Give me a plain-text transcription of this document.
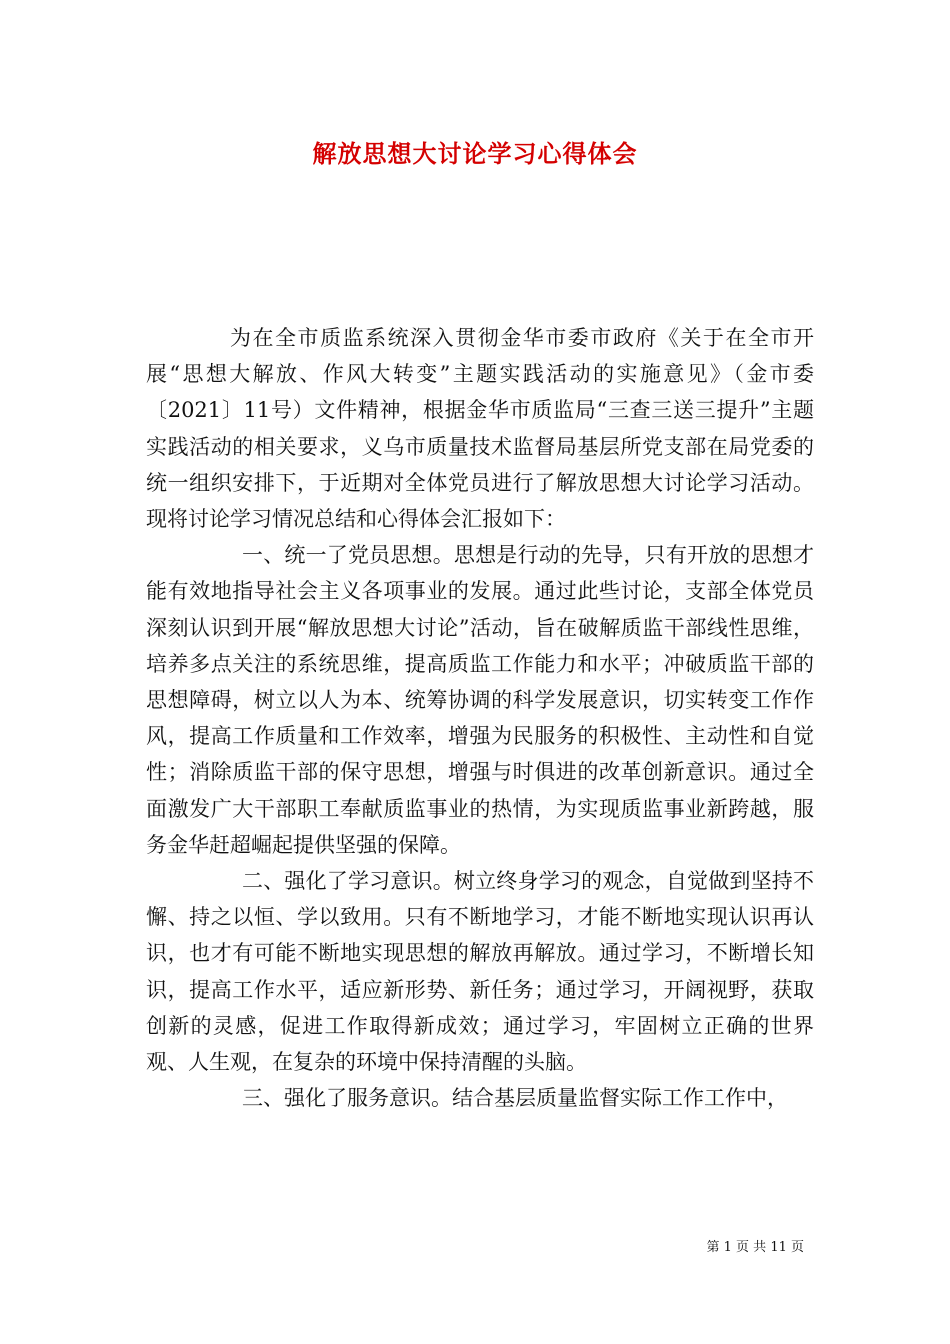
解放思想大讨论学习心得体会

为在全市质监系统深入贯彻金华市委市政府《关于在全市开展“思想大解放、作风大转变”主题实践活动的实施意见》（金市委〔2021〕11号）文件精神，根据金华市质监局“三查三送三提升”主题实践活动的相关要求，义乌市质量技术监督局基层所党支部在局党委的统一组织安排下，于近期对全体党员进行了解放思想大讨论学习活动。现将讨论学习情况总结和心得体会汇报如下：

一、统一了党员思想。思想是行动的先导，只有开放的思想才能有效地指导社会主义各项事业的发展。通过此些讨论，支部全体党员深刻认识到开展“解放思想大讨论”活动，旨在破解质监干部线性思维，培养多点关注的系统思维，提高质监工作能力和水平；冲破质监干部的思想障碍，树立以人为本、统筹协调的科学发展意识，切实转变工作作风，提高工作质量和工作效率，增强为民服务的积极性、主动性和自觉性；消除质监干部的保守思想，增强与时俱进的改革创新意识。通过全面激发广大干部职工奉献质监事业的热情，为实现质监事业新跨越，服务金华赶超崛起提供坚强的保障。

二、强化了学习意识。树立终身学习的观念，自觉做到坚持不懈、持之以恒、学以致用。只有不断地学习，才能不断地实现认识再认识，也才有可能不断地实现思想的解放再解放。通过学习，不断增长知识，提高工作水平，适应新形势、新任务；通过学习，开阔视野，获取创新的灵感，促进工作取得新成效；通过学习，牢固树立正确的世界观、人生观，在复杂的环境中保持清醒的头脑。

三、强化了服务意识。结合基层质量监督实际工作工作中，

第 1 页 共 11 页
